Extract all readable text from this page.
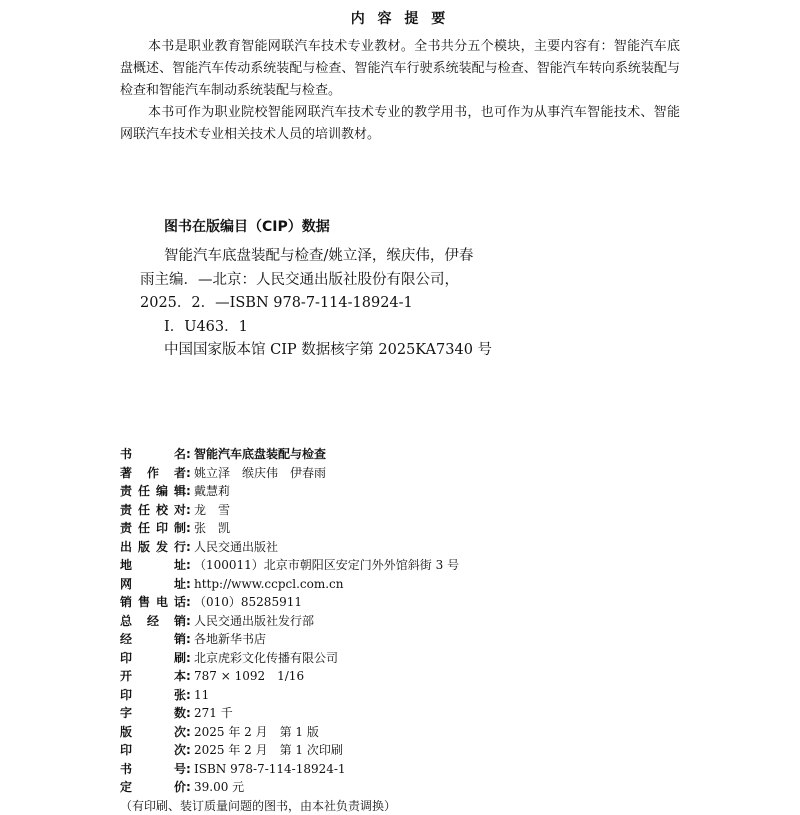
内 容 提 要

本书是职业教育智能网联汽车技术专业教材。全书共分五个模块，主要内容有：智能汽车底盘概述、智能汽车传动系统装配与检查、智能汽车行驶系统装配与检查、智能汽车转向系统装配与检查和智能汽车制动系统装配与检查。

本书可作为职业院校智能网联汽车技术专业的教学用书，也可作为从事汽车智能技术、智能网联汽车技术专业相关技术人员的培训教材。

图书在版编目（CIP）数据
智能汽车底盘装配与检查/姚立泽，缑庆伟，伊春
雨主编．—北京：人民交通出版社股份有限公司，
2025．2．—ISBN 978-7-114-18924-1
Ⅰ．U463．1
中国国家版本馆 CIP 数据核字第 2025KA7340 号
书	名 : 智能汽车底盘装配与检查
著 作 者 : 姚立泽　缑庆伟　伊春雨
责 任 编 辑 : 戴慧莉
责 任 校 对 : 龙　雪
责 任 印 制 : 张　凯
出 版 发 行 : 人民交通出版社
地	址 : （100011）北京市朝阳区安定门外外馆斜街 3 号
网	址 : http://www.ccpcl.com.cn
销 售 电 话 : （010）85285911
总 经 销 : 人民交通出版社发行部
经	销 : 各地新华书店
印	刷 : 北京虎彩文化传播有限公司
开	本 : 787 × 1092　1/16
印	张 : 11
字	数 : 271 千
版	次 : 2025 年 2 月　第 1 版
印	次 : 2025 年 2 月　第 1 次印刷
书	号 : ISBN 978-7-114-18924-1
定	价 : 39.00 元
（有印刷、装订质量问题的图书，由本社负责调换）
